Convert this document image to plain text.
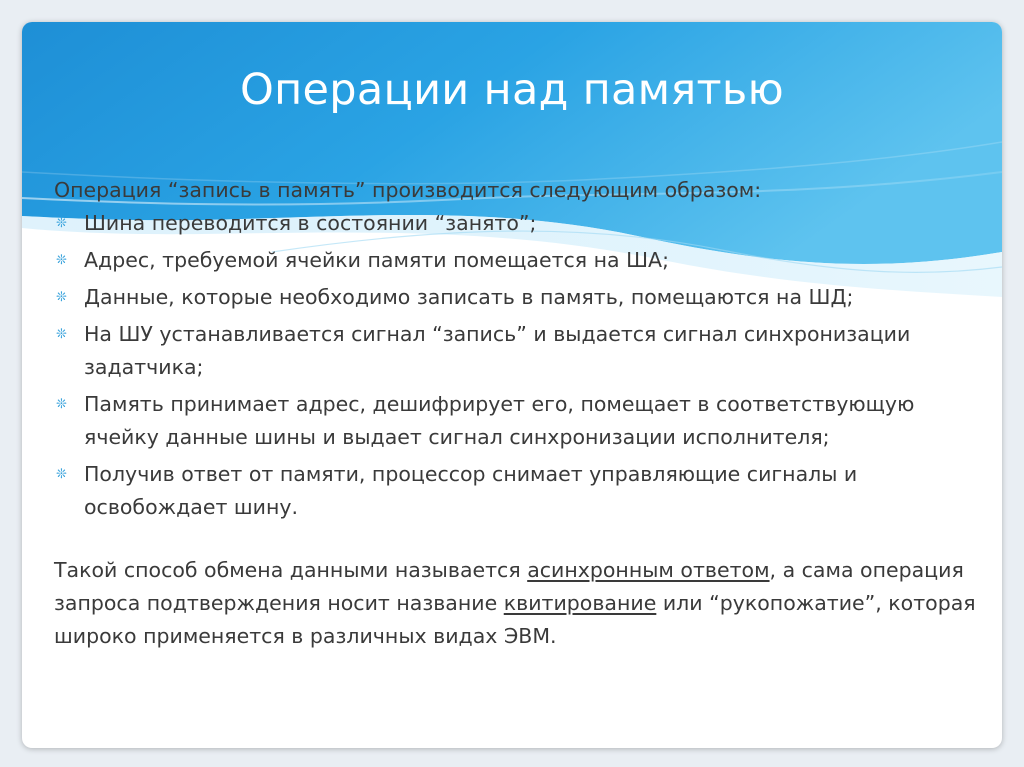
Операции над памятью

Операция “запись в память” производится следующим образом:

❊ Шина переводится в состоянии “занято”;
❊ Адрес, требуемой ячейки памяти помещается на ША;
❊ Данные, которые необходимо записать в память, помещаются на ШД;
❊ На ШУ устанавливается сигнал “запись” и выдается сигнал синхронизации задатчика;
❊ Память принимает адрес, дешифрирует его, помещает в соответствующую ячейку данные шины и выдает сигнал синхронизации исполнителя;
❊ Получив ответ от памяти, процессор снимает управляющие сигналы и освобождает шину.

Такой способ обмена данными называется асинхронным ответом, а сама операция запроса подтверждения носит название квитирование или “рукопожатие”, которая широко применяется в различных видах ЭВМ.
